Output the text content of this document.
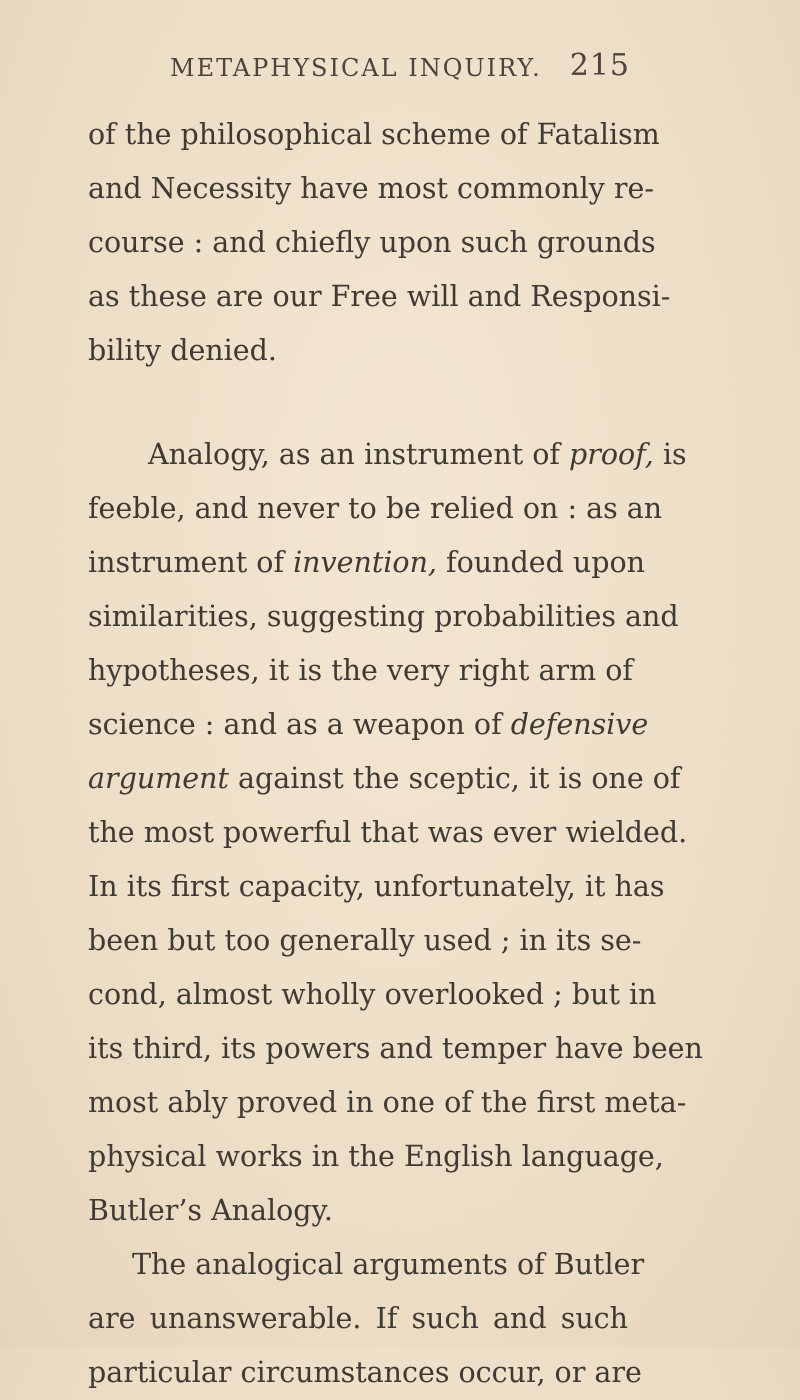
METAPHYSICAL INQUIRY. 215
of the philosophical scheme of Fatalism
and Necessity have most commonly re-
course : and chiefly upon such grounds
as these are our Free will and Responsi-
bility denied.
Analogy, as an instrument of proof, is
feeble, and never to be relied on : as an
instrument of invention, founded upon
similarities, suggesting probabilities and
hypotheses, it is the very right arm of
science : and as a weapon of defensive
argument against the sceptic, it is one of
the most powerful that was ever wielded.
In its first capacity, unfortunately, it has
been but too generally used ; in its se-
cond, almost wholly overlooked ; but in
its third, its powers and temper have been
most ably proved in one of the first meta-
physical works in the English language,
Butler’s Analogy.
The analogical arguments of Butler
are unanswerable. If such and such
particular circumstances occur, or are
